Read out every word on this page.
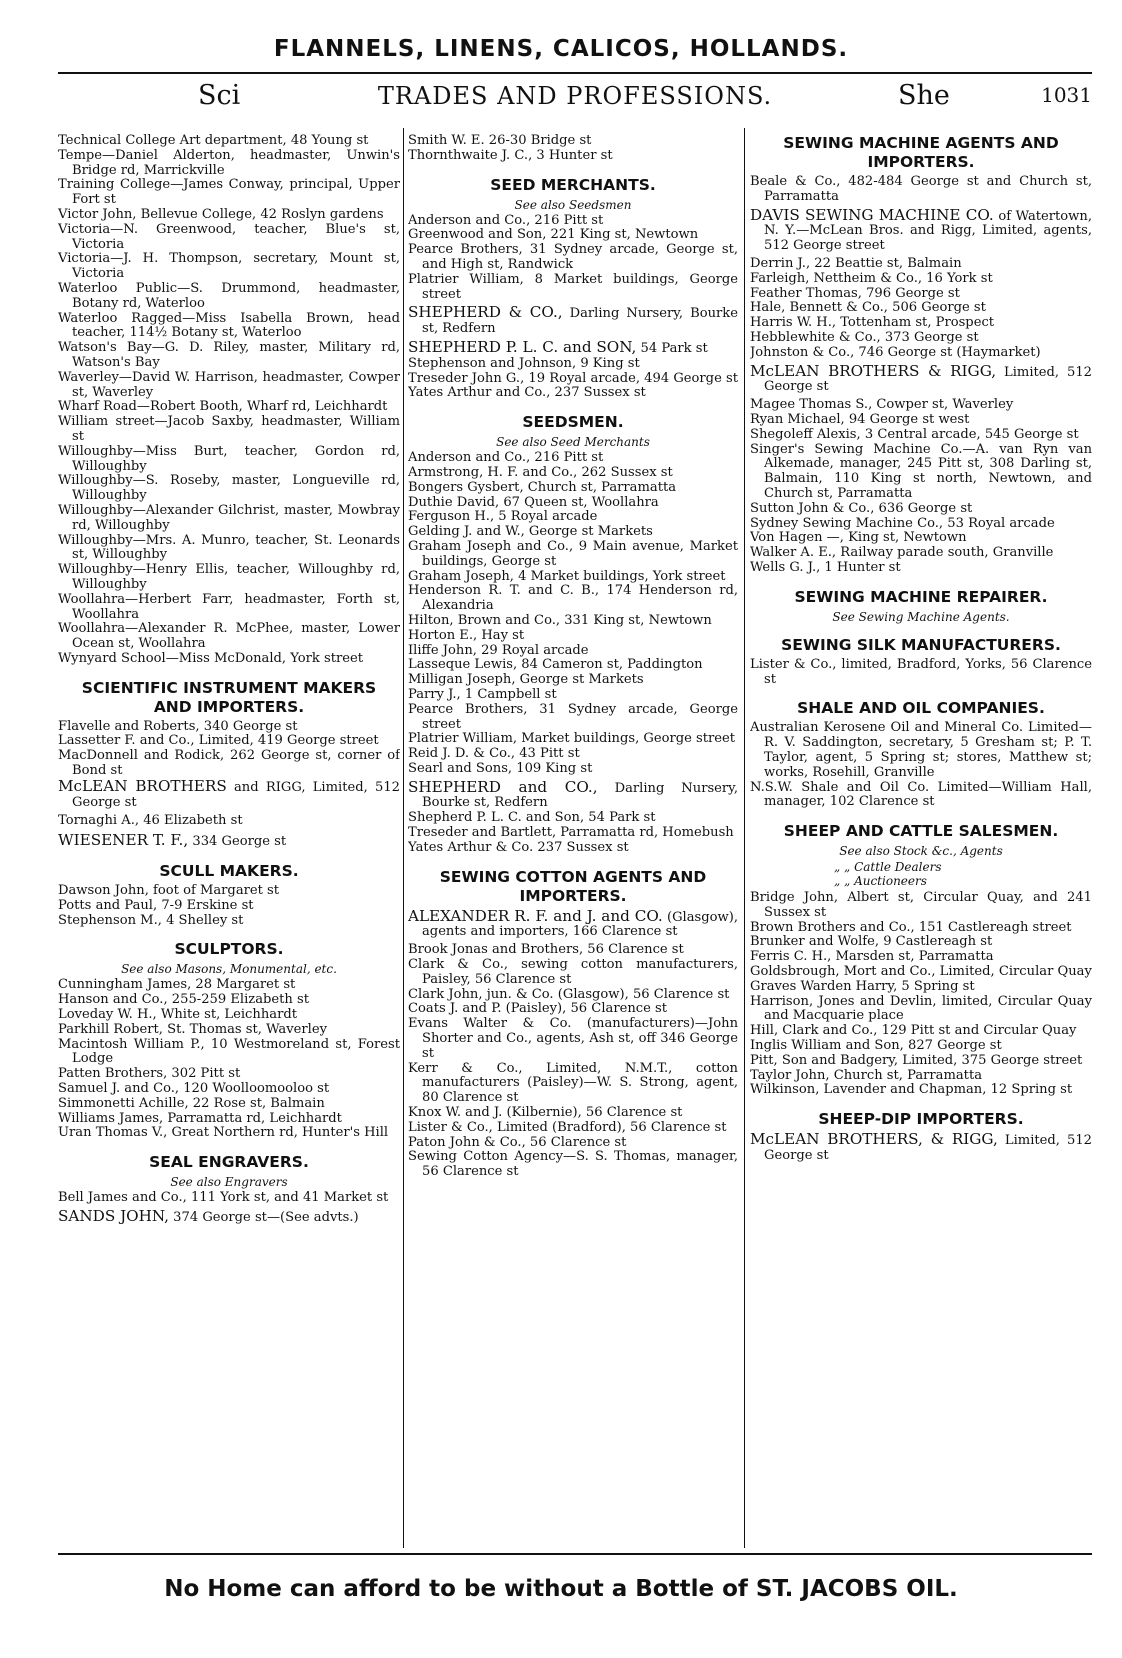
FLANNELS, LINENS, CALICOS, HOLLANDS.
Sci	TRADES AND PROFESSIONS.	She	1031

Technical College Art department, 48 Young st

Tempe—Daniel Alderton, headmaster, Unwin's Bridge rd, Marrickville

Training College—James Conway, principal, Upper Fort st

Victor John, Bellevue College, 42 Roslyn gardens

Victoria—N. Greenwood, teacher, Blue's st, Victoria

Victoria—J. H. Thompson, secretary, Mount st, Victoria

Waterloo Public—S. Drummond, headmaster, Botany rd, Waterloo

Waterloo Ragged—Miss Isabella Brown, head teacher, 114½ Botany st, Waterloo

Watson's Bay—G. D. Riley, master, Military rd, Watson's Bay

Waverley—David W. Harrison, headmaster, Cowper st, Waverley

Wharf Road—Robert Booth, Wharf rd, Leichhardt

William street—Jacob Saxby, headmaster, William st

Willoughby—Miss Burt, teacher, Gordon rd, Willoughby

Willoughby—S. Roseby, master, Longueville rd, Willoughby

Willoughby—Alexander Gilchrist, master, Mowbray rd, Willoughby

Willoughby—Mrs. A. Munro, teacher, St. Leonards st, Willoughby

Willoughby—Henry Ellis, teacher, Willoughby rd, Willoughby

Woollahra—Herbert Farr, headmaster, Forth st, Woollahra

Woollahra—Alexander R. McPhee, master, Lower Ocean st, Woollahra

Wynyard School—Miss McDonald, York street

SCIENTIFIC INSTRUMENT MAKERS AND IMPORTERS.

Flavelle and Roberts, 340 George st

Lassetter F. and Co., Limited, 419 George street

MacDonnell and Rodick, 262 George st, corner of Bond st

McLEAN BROTHERS and RIGG, Limited, 512 George st

Tornaghi A., 46 Elizabeth st

WIESENER T. F., 334 George st

SCULL MAKERS.

Dawson John, foot of Margaret st

Potts and Paul, 7-9 Erskine st

Stephenson M., 4 Shelley st

SCULPTORS.

See also Masons, Monumental, etc.

Cunningham James, 28 Margaret st

Hanson and Co., 255-259 Elizabeth st

Loveday W. H., White st, Leichhardt

Parkhill Robert, St. Thomas st, Waverley

Macintosh William P., 10 Westmoreland st, Forest Lodge

Patten Brothers, 302 Pitt st

Samuel J. and Co., 120 Woolloomooloo st

Simmonetti Achille, 22 Rose st, Balmain

Williams James, Parramatta rd, Leichhardt

Uran Thomas V., Great Northern rd, Hunter's Hill

SEAL ENGRAVERS.

See also Engravers

Bell James and Co., 111 York st, and 41 Market st

SANDS JOHN, 374 George st—(See advts.)

Smith W. E. 26-30 Bridge st

Thornthwaite J. C., 3 Hunter st

SEED MERCHANTS.

See also Seedsmen

Anderson and Co., 216 Pitt st

Greenwood and Son, 221 King st, Newtown

Pearce Brothers, 31 Sydney arcade, George st, and High st, Randwick

Platrier William, 8 Market buildings, George street

SHEPHERD & CO., Darling Nursery, Bourke st, Redfern

SHEPHERD P. L. C. and SON, 54 Park st

Stephenson and Johnson, 9 King st

Treseder John G., 19 Royal arcade, 494 George st

Yates Arthur and Co., 237 Sussex st

SEEDSMEN.

See also Seed Merchants

Anderson and Co., 216 Pitt st

Armstrong, H. F. and Co., 262 Sussex st

Bongers Gysbert, Church st, Parramatta

Duthie David, 67 Queen st, Woollahra

Ferguson H., 5 Royal arcade

Gelding J. and W., George st Markets

Graham Joseph and Co., 9 Main avenue, Market buildings, George st

Graham Joseph, 4 Market buildings, York street

Henderson R. T. and C. B., 174 Henderson rd, Alexandria

Hilton, Brown and Co., 331 King st, Newtown

Horton E., Hay st

Iliffe John, 29 Royal arcade

Lasseque Lewis, 84 Cameron st, Paddington

Milligan Joseph, George st Markets

Parry J., 1 Campbell st

Pearce Brothers, 31 Sydney arcade, George street

Platrier William, Market buildings, George street

Reid J. D. & Co., 43 Pitt st

Searl and Sons, 109 King st

SHEPHERD and CO., Darling Nursery, Bourke st, Redfern

Shepherd P. L. C. and Son, 54 Park st

Treseder and Bartlett, Parramatta rd, Homebush

Yates Arthur & Co. 237 Sussex st

SEWING COTTON AGENTS AND IMPORTERS.

ALEXANDER R. F. and J. and CO. (Glasgow), agents and importers, 166 Clarence st

Brook Jonas and Brothers, 56 Clarence st

Clark & Co., sewing cotton manufacturers, Paisley, 56 Clarence st

Clark John, jun. & Co. (Glasgow), 56 Clarence st

Coats J. and P. (Paisley), 56 Clarence st

Evans Walter & Co. (manufacturers)—John Shorter and Co., agents, Ash st, off 346 George st

Kerr & Co., Limited, N.M.T., cotton manufacturers (Paisley)—W. S. Strong, agent, 80 Clarence st

Knox W. and J. (Kilbernie), 56 Clarence st

Lister & Co., Limited (Bradford), 56 Clarence st

Paton John & Co., 56 Clarence st

Sewing Cotton Agency—S. S. Thomas, manager, 56 Clarence st

SEWING MACHINE AGENTS AND IMPORTERS.

Beale & Co., 482-484 George st and Church st, Parramatta

DAVIS SEWING MACHINE CO. of Watertown, N. Y.—McLean Bros. and Rigg, Limited, agents, 512 George street

Derrin J., 22 Beattie st, Balmain

Farleigh, Nettheim & Co., 16 York st

Feather Thomas, 796 George st

Hale, Bennett & Co., 506 George st

Harris W. H., Tottenham st, Prospect

Hebblewhite & Co., 373 George st

Johnston & Co., 746 George st (Haymarket)

McLEAN BROTHERS & RIGG, Limited, 512 George st

Magee Thomas S., Cowper st, Waverley

Ryan Michael, 94 George st west

Shegoleff Alexis, 3 Central arcade, 545 George st

Singer's Sewing Machine Co.—A. van Ryn van Alkemade, manager, 245 Pitt st, 308 Darling st, Balmain, 110 King st north, Newtown, and Church st, Parramatta

Sutton John & Co., 636 George st

Sydney Sewing Machine Co., 53 Royal arcade

Von Hagen —, King st, Newtown

Walker A. E., Railway parade south, Granville

Wells G. J., 1 Hunter st

SEWING MACHINE REPAIRER.

See Sewing Machine Agents.

SEWING SILK MANUFACTURERS.

Lister & Co., limited, Bradford, Yorks, 56 Clarence st

SHALE AND OIL COMPANIES.

Australian Kerosene Oil and Mineral Co. Limited—R. V. Saddington, secretary, 5 Gresham st; P. T. Taylor, agent, 5 Spring st; stores, Matthew st; works, Rosehill, Granville

N.S.W. Shale and Oil Co. Limited—William Hall, manager, 102 Clarence st

SHEEP AND CATTLE SALESMEN.

See also Stock &c., Agents

„ „ Cattle Dealers

„ „ Auctioneers

Bridge John, Albert st, Circular Quay, and 241 Sussex st

Brown Brothers and Co., 151 Castlereagh street

Brunker and Wolfe, 9 Castlereagh st

Ferris C. H., Marsden st, Parramatta

Goldsbrough, Mort and Co., Limited, Circular Quay

Graves Warden Harry, 5 Spring st

Harrison, Jones and Devlin, limited, Circular Quay and Macquarie place

Hill, Clark and Co., 129 Pitt st and Circular Quay

Inglis William and Son, 827 George st

Pitt, Son and Badgery, Limited, 375 George street

Taylor John, Church st, Parramatta

Wilkinson, Lavender and Chapman, 12 Spring st

SHEEP-DIP IMPORTERS.

McLEAN BROTHERS, & RIGG, Limited, 512 George st

No Home can afford to be without a Bottle of ST. JACOBS OIL.
